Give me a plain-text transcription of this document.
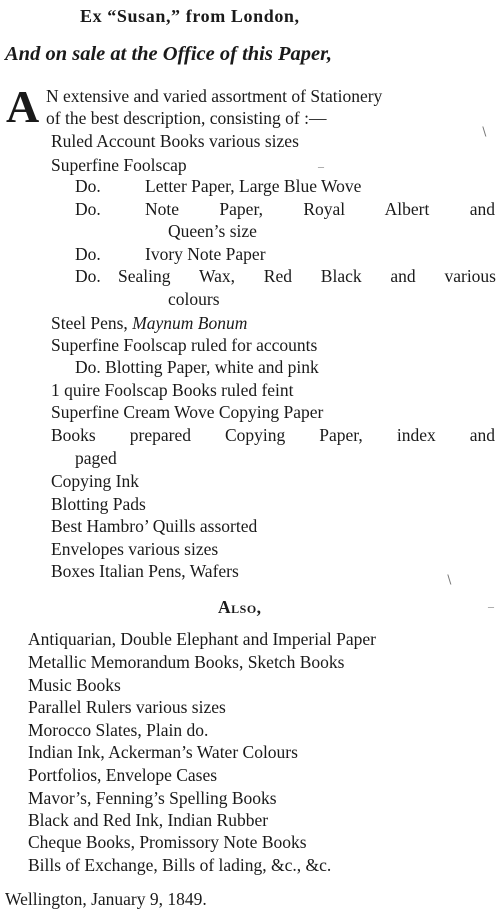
Ex “Susan,” from London,
And on sale at the Office of this Paper,
A N extensive and varied assortment of Stationery
of the best description, consisting of :—
Ruled Account Books various sizes
Superfine Foolscap
Do.	Letter Paper, Large Blue Wove
Do.	Note Paper, Royal Albert and
Queen’s size
Do.	Ivory Note Paper
Do. Sealing Wax, Red Black and various
colours
Steel Pens, Maynum Bonum
Superfine Foolscap ruled for accounts
Do. Blotting Paper, white and pink
1 quire Foolscap Books ruled feint
Superfine Cream Wove Copying Paper
Books prepared Copying Paper, index and
paged
Copying Ink
Blotting Pads
Best Hambro’ Quills assorted
Envelopes various sizes
Boxes Italian Pens, Wafers
Also,
Antiquarian, Double Elephant and Imperial Paper
Metallic Memorandum Books, Sketch Books
Music Books
Parallel Rulers various sizes
Morocco Slates, Plain do.
Indian Ink, Ackerman’s Water Colours
Portfolios, Envelope Cases
Mavor’s, Fenning’s Spelling Books
Black and Red Ink, Indian Rubber
Cheque Books, Promissory Note Books
Bills of Exchange, Bills of lading, &c., &c.
Wellington, January 9, 1849.
∖
–
∖
–
